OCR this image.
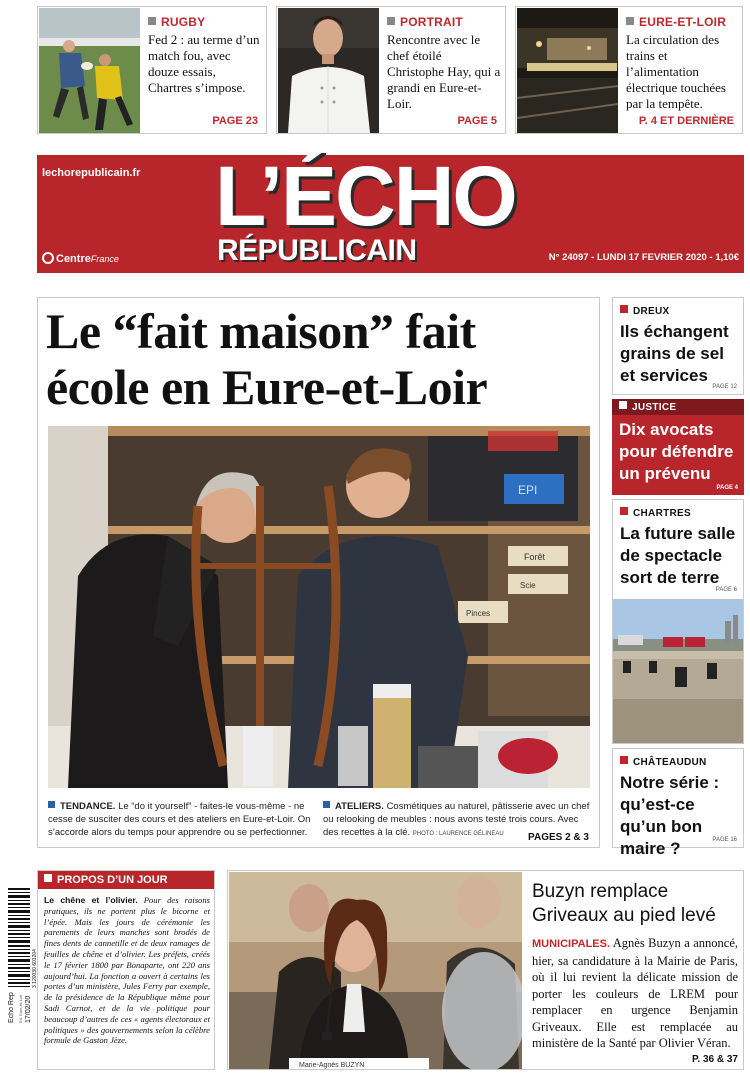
RUGBY
Fed 2 : au terme d’un match fou, avec douze essais, Chartres s’impose.
PAGE 23
PORTRAIT
Rencontre avec le chef étoilé Christophe Hay, qui a grandi en Eure-et-Loir.
PAGE 5
EURE-ET-LOIR
La circulation des trains et l’alimentation électrique touchées par la tempête.
P. 4 ET DERNIÈRE
lechorepublicain.fr L’ÉCHO
RÉPUBLICAIN
CentreFrance	N° 24097 - LUNDI 17 FEVRIER 2020 - 1,10€
Le “fait maison” fait école en Eure-et-Loir
Forêt
Scie
Pinces
EPI
TENDANCE. Le “do it yourself” - faites-le vous-même - ne cesse de susciter des cours et des ateliers en Eure-et-Loir. On s’accorde alors du temps pour apprendre ou se perfectionner.
ATELIERS. Cosmétiques au naturel, pâtisserie avec un chef ou relooking de meubles : nous avons testé trois cours. Avec des recettes à la clé. PHOTO : LAURENCE GÉLINEAU	PAGES 2 & 3
DREUX
Ils échangent grains de sel et services
PAGE 12
JUSTICE
Dix avocats pour défendre un prévenu
PAGE 4
CHARTRES
La future salle de spectacle sort de terre
PAGE 6
CHÂTEAUDUN
Notre série : qu’est-ce qu’un bon maire ?	PAGE 16
3 120030 601204
Echo Rep Éd. Eure-et-Loir 17/02/20
PROPOS D’UN JOUR
Le chêne et l’olivier. Pour des raisons pratiques, ils ne portent plus le bicorne et l’épée. Mais les jours de cérémonie les parements de leurs manches sont brodés de fines dents de cannetille et de deux ramages de feuilles de chêne et d’olivier. Les préfets, créés le 17 février 1800 par Bonaparte, ont 220 ans aujourd’hui. La fonction a ouvert à certains les portes d’un ministère, Jules Ferry par exemple, de la présidence de la République même pour Sadi Carnot, et de la vie politique pour beaucoup d’autres de ces « agents électoraux et politiques » des gouvernements selon la célèbre formule de Gaston Jèze.
Marie-Agnès BUZYN
Buzyn remplace Griveaux au pied levé
MUNICIPALES. Agnès Buzyn a annoncé, hier, sa candidature à la Mairie de Paris, où il lui revient la délicate mission de porter les couleurs de LREM pour remplacer en urgence Benjamin Griveaux. Elle est remplacée au ministère de la Santé par Olivier Véran.
P. 36 & 37
